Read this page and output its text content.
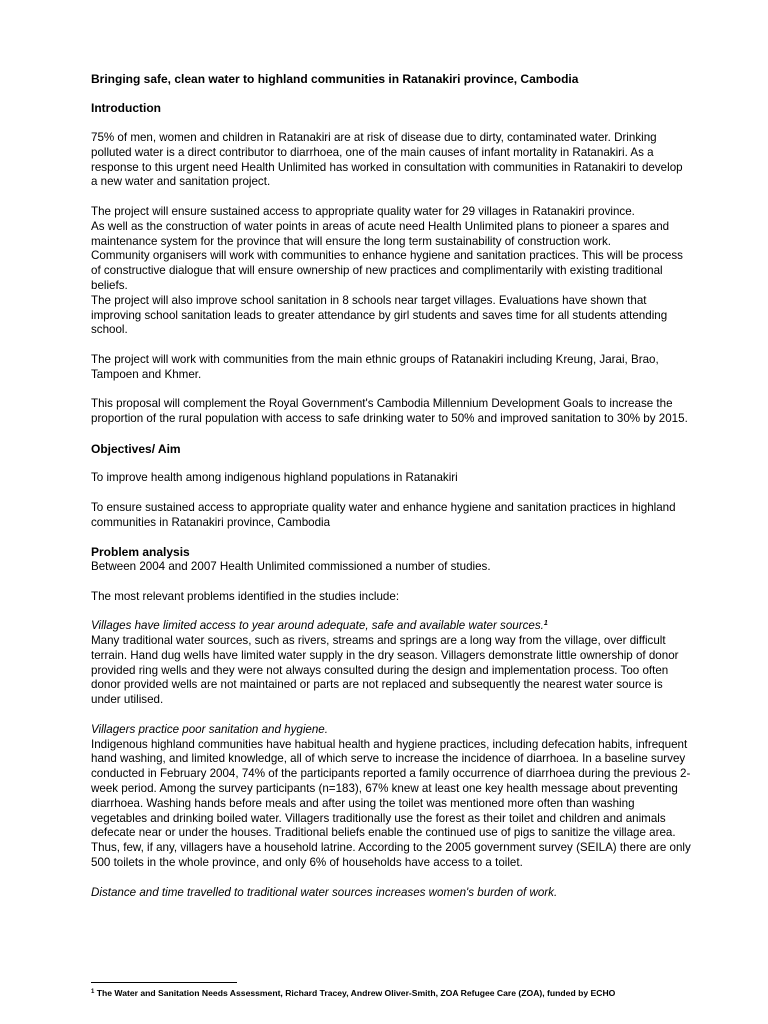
Bringing safe, clean water to highland communities in Ratanakiri province, Cambodia

Introduction

75% of men, women and children in Ratanakiri are at risk of disease due to dirty, contaminated water. Drinking polluted water is a direct contributor to diarrhoea, one of the main causes of infant mortality in Ratanakiri. As a response to this urgent need Health Unlimited has worked in consultation with communities in Ratanakiri to develop a new water and sanitation project.

The project will ensure sustained access to appropriate quality water for 29 villages in Ratanakiri province.

As well as the construction of water points in areas of acute need Health Unlimited plans to pioneer a spares and maintenance system for the province that will ensure the long term sustainability of construction work.

Community organisers will work with communities to enhance hygiene and sanitation practices. This will be process of constructive dialogue that will ensure ownership of new practices and complimentarily with existing traditional beliefs.

The project will also improve school sanitation in 8 schools near target villages. Evaluations have shown that improving school sanitation leads to greater attendance by girl students and saves time for all students attending school.

The project will work with communities from the main ethnic groups of Ratanakiri including Kreung, Jarai, Brao, Tampoen and Khmer.

This proposal will complement the Royal Government's Cambodia Millennium Development Goals to increase the proportion of the rural population with access to safe drinking water to 50% and improved sanitation to 30% by 2015.

Objectives/ Aim

To improve health among indigenous highland populations in Ratanakiri

To ensure sustained access to appropriate quality water and enhance hygiene and sanitation practices in highland communities in Ratanakiri province, Cambodia

Problem analysis

Between 2004 and 2007 Health Unlimited commissioned a number of studies.

The most relevant problems identified in the studies include:

Villages have limited access to year around adequate, safe and available water sources.$^1$

Many traditional water sources, such as rivers, streams and springs are a long way from the village, over difficult terrain. Hand dug wells have limited water supply in the dry season. Villagers demonstrate little ownership of donor provided ring wells and they were not always consulted during the design and implementation process. Too often donor provided wells are not maintained or parts are not replaced and subsequently the nearest water source is under utilised.

Villagers practice poor sanitation and hygiene.

Indigenous highland communities have habitual health and hygiene practices, including defecation habits, infrequent hand washing, and limited knowledge, all of which serve to increase the incidence of diarrhoea. In a baseline survey conducted in February 2004, 74% of the participants reported a family occurrence of diarrhoea during the previous 2-week period. Among the survey participants (n=183), 67% knew at least one key health message about preventing diarrhoea. Washing hands before meals and after using the toilet was mentioned more often than washing vegetables and drinking boiled water. Villagers traditionally use the forest as their toilet and children and animals defecate near or under the houses. Traditional beliefs enable the continued use of pigs to sanitize the village area. Thus, few, if any, villagers have a household latrine. According to the 2005 government survey (SEILA) there are only 500 toilets in the whole province, and only 6% of households have access to a toilet.

Distance and time travelled to traditional water sources increases women's burden of work.

$^1$ The Water and Sanitation Needs Assessment, Richard Tracey, Andrew Oliver-Smith, ZOA Refugee Care (ZOA), funded by ECHO
